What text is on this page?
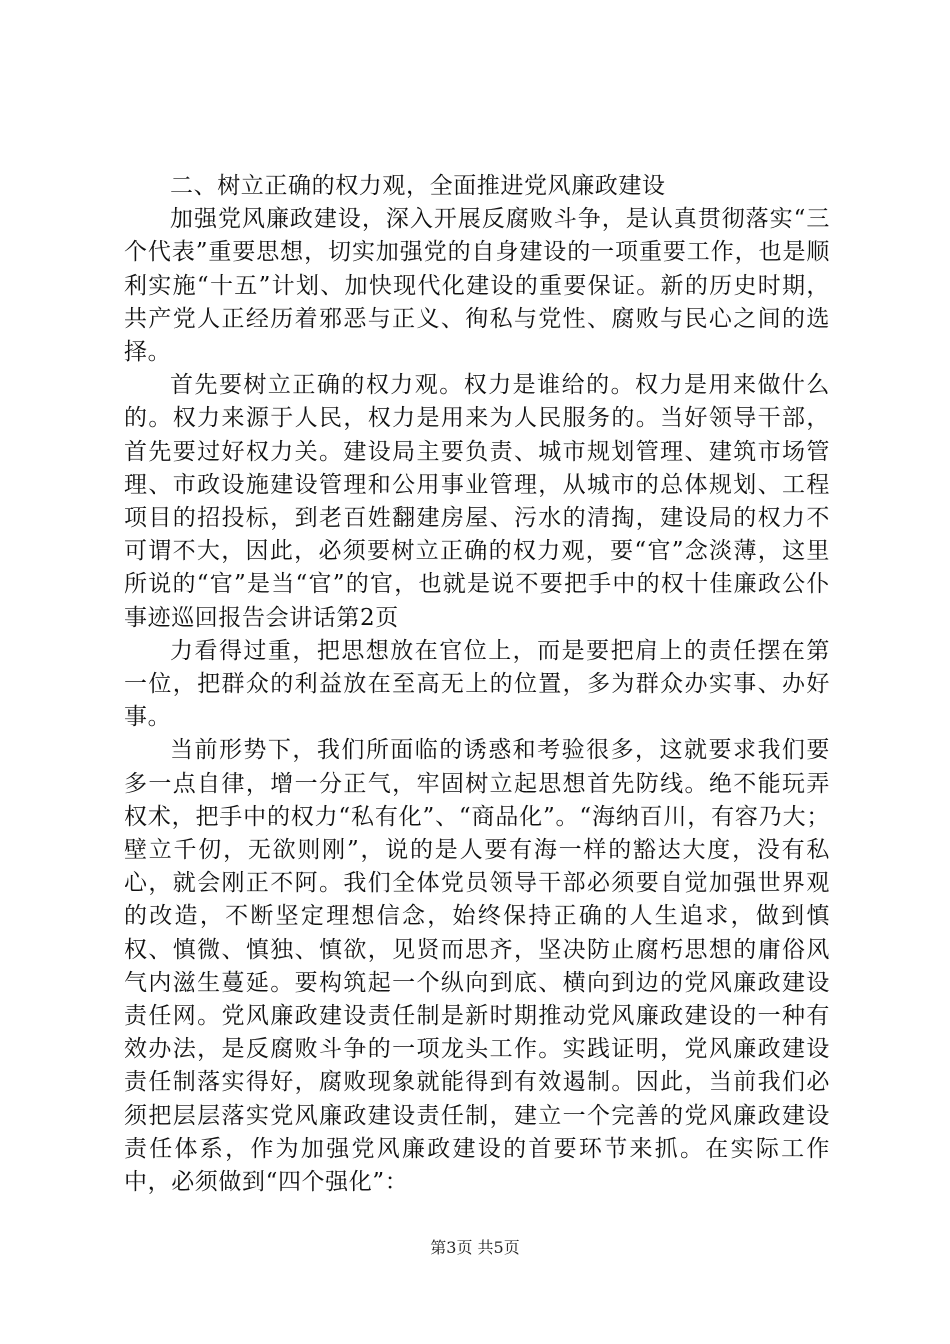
二、树立正确的权力观，全面推进党风廉政建设

加强党风廉政建设，深入开展反腐败斗争，是认真贯彻落实“三个代表”重要思想，切实加强党的自身建设的一项重要工作，也是顺利实施“十五”计划、加快现代化建设的重要保证。新的历史时期，共产党人正经历着邪恶与正义、徇私与党性、腐败与民心之间的选择。

首先要树立正确的权力观。权力是谁给的。权力是用来做什么的。权力来源于人民，权力是用来为人民服务的。当好领导干部，首先要过好权力关。建设局主要负责、城市规划管理、建筑市场管理、市政设施建设管理和公用事业管理，从城市的总体规划、工程项目的招投标，到老百姓翻建房屋、污水的清掏，建设局的权力不可谓不大，因此，必须要树立正确的权力观，要“官”念淡薄，这里所说的“官”是当“官”的官，也就是说不要把手中的权十佳廉政公仆事迹巡回报告会讲话第2页

力看得过重，把思想放在官位上，而是要把肩上的责任摆在第一位，把群众的利益放在至高无上的位置，多为群众办实事、办好事。

当前形势下，我们所面临的诱惑和考验很多，这就要求我们要多一点自律，增一分正气，牢固树立起思想首先防线。绝不能玩弄权术，把手中的权力“私有化”、“商品化”。“海纳百川，有容乃大；壁立千仞，无欲则刚”，说的是人要有海一样的豁达大度，没有私心，就会刚正不阿。我们全体党员领导干部必须要自觉加强世界观的改造，不断坚定理想信念，始终保持正确的人生追求，做到慎权、慎微、慎独、慎欲，见贤而思齐，坚决防止腐朽思想的庸俗风气内滋生蔓延。要构筑起一个纵向到底、横向到边的党风廉政建设责任网。党风廉政建设责任制是新时期推动党风廉政建设的一种有效办法，是反腐败斗争的一项龙头工作。实践证明，党风廉政建设责任制落实得好，腐败现象就能得到有效遏制。因此，当前我们必须把层层落实党风廉政建设责任制，建立一个完善的党风廉政建设责任体系，作为加强党风廉政建设的首要环节来抓。在实际工作中，必须做到“四个强化”：

第3页 共5页
